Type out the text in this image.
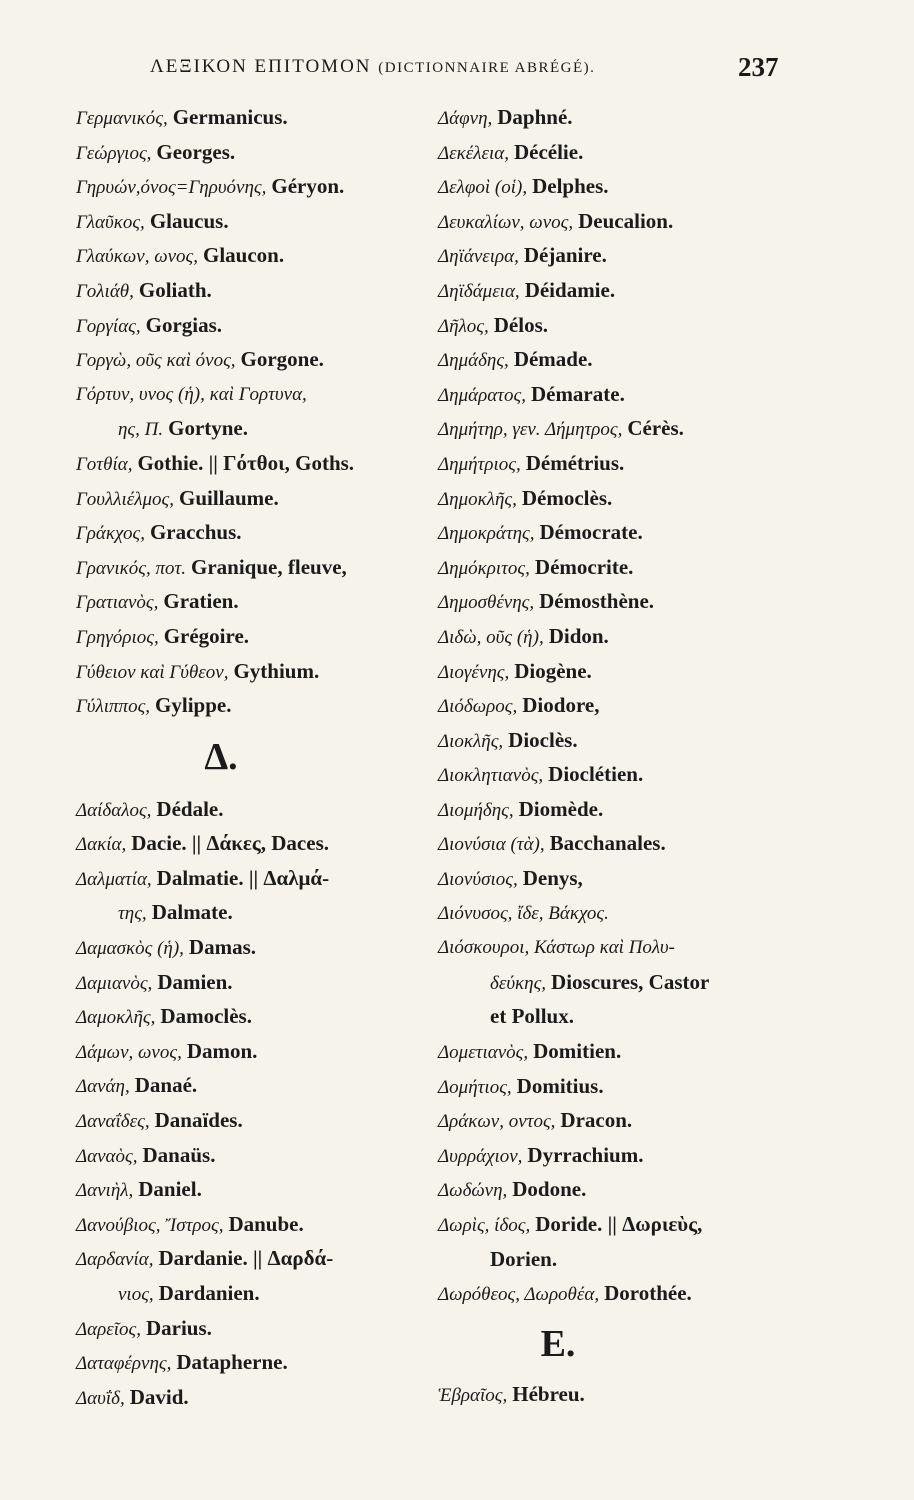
ΛΕΞΙΚΟΝ ΕΠΙΤΟΜΟΝ (DICTIONNAIRE ABRÉGÉ).	237
Γερμανικός, Germanicus.
Γεώργιος, Georges.
Γηρυών,όνος=Γηρυόνης, Géryon.
Γλαῦκος, Glaucus.
Γλαύκων, ωνος, Glaucon.
Γολιάθ, Goliath.
Γοργίας, Gorgias.
Γοργὼ, οῦς καὶ όνος, Gorgone.
Γόρτυν, υνος (ἡ), καὶ Γορτυνα,
ης, Π. Gortyne.
Γοτθία, Gothie. || Γότθοι, Goths.
Γουλλιέλμος, Guillaume.
Γράκχος, Gracchus.
Γρανικός, ποτ. Granique, fleuve,
Γρατιανὸς, Gratien.
Γρηγόριος, Grégoire.
Γύθειον καὶ Γύθεον, Gythium.
Γύλιππος, Gylippe.
Δ.
Δαίδαλος, Dédale.
Δακία, Dacie. || Δάκες, Daces.
Δαλματία, Dalmatie. || Δαλμά-
της, Dalmate.
Δαμασκὸς (ἡ), Damas.
Δαμιανὸς, Damien.
Δαμοκλῆς, Damoclès.
Δάμων, ωνος, Damon.
Δανάη, Danaé.
Δαναΐδες, Danaïdes.
Δαναὸς, Danaüs.
Δανιὴλ, Daniel.
Δανούβιος, Ἴστρος, Danube.
Δαρδανία, Dardanie. || Δαρδά-
νιος, Dardanien.
Δαρεῖος, Darius.
Δαταφέρνης, Datapherne.
Δαυΐδ, David.
Δάφνη, Daphné.
Δεκέλεια, Décélie.
Δελφοὶ (οἱ), Delphes.
Δευκαλίων, ωνος, Deucalion.
Δηϊάνειρα, Déjanire.
Δηϊδάμεια, Déidamie.
Δῆλος, Délos.
Δημάδης, Démade.
Δημάρατος, Démarate.
Δημήτηρ, γεν. Δήμητρος, Cérès.
Δημήτριος, Démétrius.
Δημοκλῆς, Démoclès.
Δημοκράτης, Démocrate.
Δημόκριτος, Démocrite.
Δημοσθένης, Démosthène.
Διδὼ, οῦς (ἡ), Didon.
Διογένης, Diogène.
Διόδωρος, Diodore,
Διοκλῆς, Dioclès.
Διοκλητιανὸς, Dioclétien.
Διομήδης, Diomède.
Διονύσια (τὰ), Bacchanales.
Διονύσιος, Denys,
Διόνυσος, ἴδε, Βάκχος.
Διόσκουροι, Κάστωρ καὶ Πολυ-
δεύκης, Dioscures, Castor
et Pollux.
Δομετιανὸς, Domitien.
Δομήτιος, Domitius.
Δράκων, οντος, Dracon.
Δυρράχιον, Dyrrachium.
Δωδώνη, Dodone.
Δωρὶς, ίδος, Doride. || Δωριεὺς,
Dorien.
Δωρόθεος, Δωροθέα, Dorothée.
E.
Ἑβραῖος, Hébreu.
